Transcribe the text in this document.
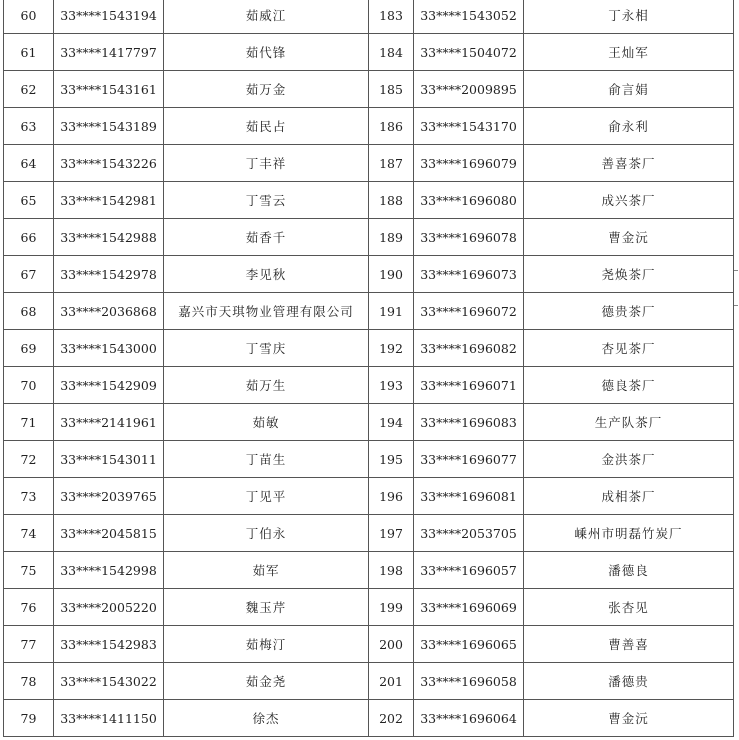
60	33****1543194	茹威江	183	33****1543052	丁永相
61	33****1417797	茹代锋	184	33****1504072	王灿军
62	33****1543161	茹万金	185	33****2009895	俞言娟
63	33****1543189	茹民占	186	33****1543170	俞永利
64	33****1543226	丁丰祥	187	33****1696079	善喜茶厂
65	33****1542981	丁雪云	188	33****1696080	成兴茶厂
66	33****1542988	茹香千	189	33****1696078	曹金沅
67	33****1542978	李见秋	190	33****1696073	尧焕茶厂
68	33****2036868	嘉兴市天琪物业管理有限公司	191	33****1696072	德贵茶厂
69	33****1543000	丁雪庆	192	33****1696082	杏见茶厂
70	33****1542909	茹万生	193	33****1696071	德良茶厂
71	33****2141961	茹敏	194	33****1696083	生产队茶厂
72	33****1543011	丁苗生	195	33****1696077	金洪茶厂
73	33****2039765	丁见平	196	33****1696081	成相茶厂
74	33****2045815	丁伯永	197	33****2053705	嵊州市明磊竹炭厂
75	33****1542998	茹军	198	33****1696057	潘德良
76	33****2005220	魏玉芹	199	33****1696069	张杏见
77	33****1542983	茹梅汀	200	33****1696065	曹善喜
78	33****1543022	茹金尧	201	33****1696058	潘德贵
79	33****1411150	徐杰	202	33****1696064	曹金沅
